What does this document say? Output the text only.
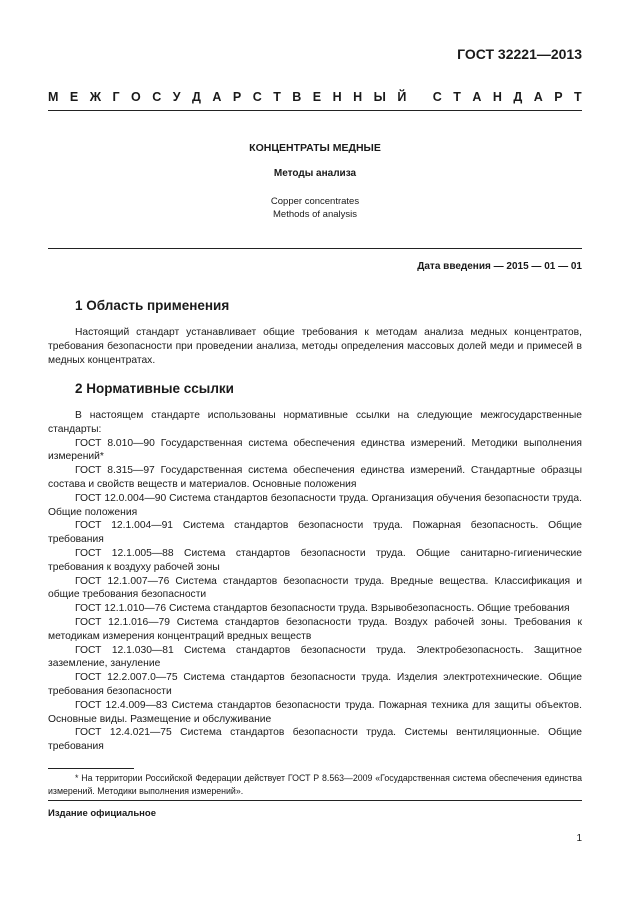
ГОСТ 32221—2013
М Е Ж Г О С У Д А Р С Т В Е Н Н Ы Й
С Т А Н Д А Р Т
КОНЦЕНТРАТЫ МЕДНЫЕ
Методы анализа
Copper concentrates
Methods of analysis
Дата введения — 2015 — 01 — 01
1 Область применения

Настоящий стандарт устанавливает общие требования к методам анализа медных концентратов, требования безопасности при проведении анализа, методы определения массовых долей меди и примесей в медных концентратах.

2 Нормативные ссылки

В настоящем стандарте использованы нормативные ссылки на следующие межгосударственные стандарты:

ГОСТ 8.010—90 Государственная система обеспечения единства измерений. Методики выполнения измерений*

ГОСТ 8.315—97 Государственная система обеспечения единства измерений. Стандартные образцы состава и свойств веществ и материалов. Основные положения

ГОСТ 12.0.004—90 Система стандартов безопасности труда. Организация обучения безопасности труда. Общие положения

ГОСТ 12.1.004—91 Система стандартов безопасности труда. Пожарная безопасность. Общие требования

ГОСТ 12.1.005—88 Система стандартов безопасности труда. Общие санитарно-гигиенические требования к воздуху рабочей зоны

ГОСТ 12.1.007—76 Система стандартов безопасности труда. Вредные вещества. Классификация и общие требования безопасности

ГОСТ 12.1.010—76 Система стандартов безопасности труда. Взрывобезопасность. Общие требования

ГОСТ 12.1.016—79 Система стандартов безопасности труда. Воздух рабочей зоны. Требования к методикам измерения концентраций вредных веществ

ГОСТ 12.1.030—81 Система стандартов безопасности труда. Электробезопасность. Защитное заземление, зануление

ГОСТ 12.2.007.0—75 Система стандартов безопасности труда. Изделия электротехнические. Общие требования безопасности

ГОСТ 12.4.009—83 Система стандартов безопасности труда. Пожарная техника для защиты объектов. Основные виды. Размещение и обслуживание

ГОСТ 12.4.021—75 Система стандартов безопасности труда. Системы вентиляционные. Общие требования

* На территории Российской Федерации действует ГОСТ Р 8.563—2009 «Государственная система обеспечения единства измерений. Методики выполнения измерений».
Издание официальное
1
